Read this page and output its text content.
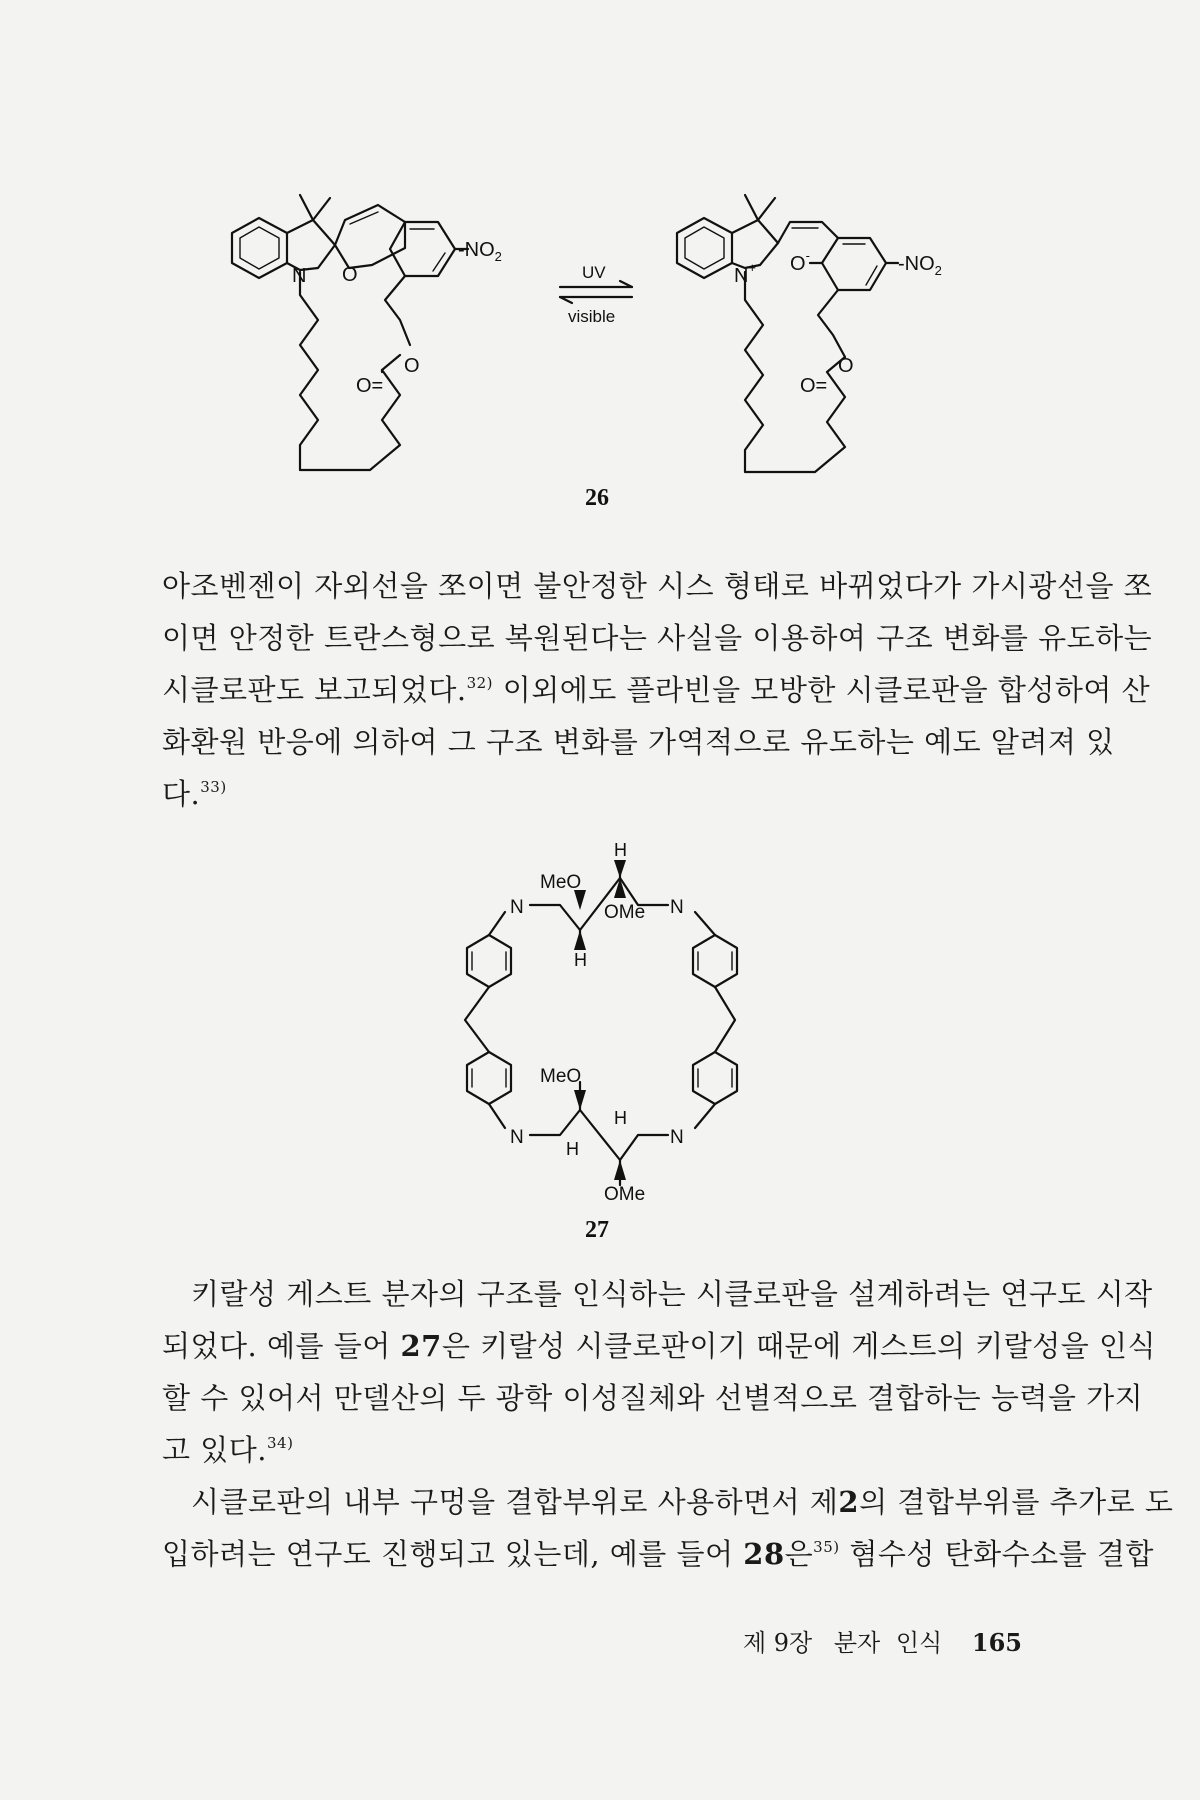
N O
$-NO_2$
O
O=
UV
visible
N+ O-	$-NO_2$
O
O=
26
아조벤젠이 자외선을 쪼이면 불안정한 시스 형태로 바뀌었다가 가시광선을 쪼
이면 안정한 트란스형으로 복원된다는 사실을 이용하여 구조 변화를 유도하는
시클로판도 보고되었다.$^{32)}$ 이외에도 플라빈을 모방한 시클로판을 합성하여 산
화환원 반응에 의하여 그 구조 변화를 가역적으로 유도하는 예도 알려져 있
다.$^{33)}$
N	N
N	N
H
MeO
OMe
H
MeO
H
H
OMe
27
키랄성 게스트 분자의 구조를 인식하는 시클로판을 설계하려는 연구도 시작
되었다. 예를 들어 27은 키랄성 시클로판이기 때문에 게스트의 키랄성을 인식
할 수 있어서 만델산의 두 광학 이성질체와 선별적으로 결합하는 능력을 가지
고 있다.$^{34)}$
시클로판의 내부 구멍을 결합부위로 사용하면서 제2의 결합부위를 추가로 도
입하려는 연구도 진행되고 있는데, 예를 들어 28은$^{35)}$ 혐수성 탄화수소를 결합
제 9장 분자 인식 165
